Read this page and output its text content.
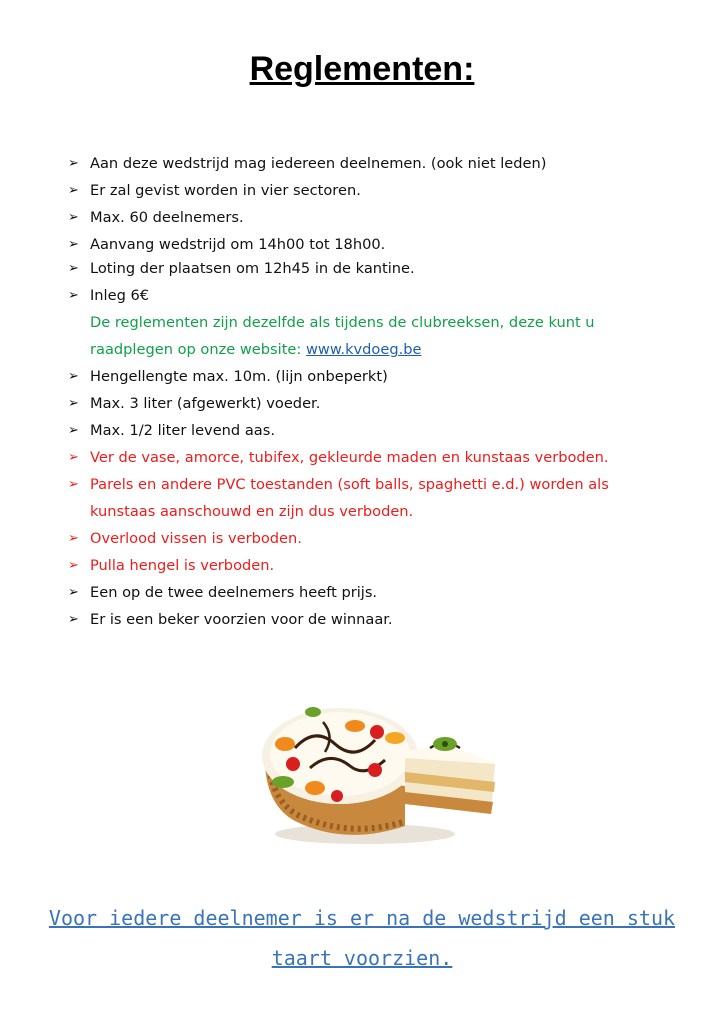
Reglementen:
➢ Aan deze wedstrijd mag iedereen deelnemen. (ook niet leden)
➢ Er zal gevist worden in vier sectoren.
➢ Max. 60 deelnemers.
➢ Aanvang wedstrijd om 14h00 tot 18h00.
➢ Loting der plaatsen om 12h45 in de kantine.
➢ Inleg 6€
De reglementen zijn dezelfde als tijdens de clubreeksen, deze kunt u
raadplegen op onze website: www.kvdoeg.be
➢ Hengellengte max. 10m. (lijn onbeperkt)
➢ Max. 3 liter (afgewerkt) voeder.
➢ Max. 1/2 liter levend aas.
➢ Ver de vase, amorce, tubifex, gekleurde maden en kunstaas verboden.
➢ Parels en andere PVC toestanden (soft balls, spaghetti e.d.) worden als
kunstaas aanschouwd en zijn dus verboden.
➢ Overlood vissen is verboden.
➢ Pulla hengel is verboden.
➢ Een op de twee deelnemers heeft prijs.
➢ Er is een beker voorzien voor de winnaar.
Voor iedere deelnemer is er na de wedstrijd een stuk
taart voorzien.
